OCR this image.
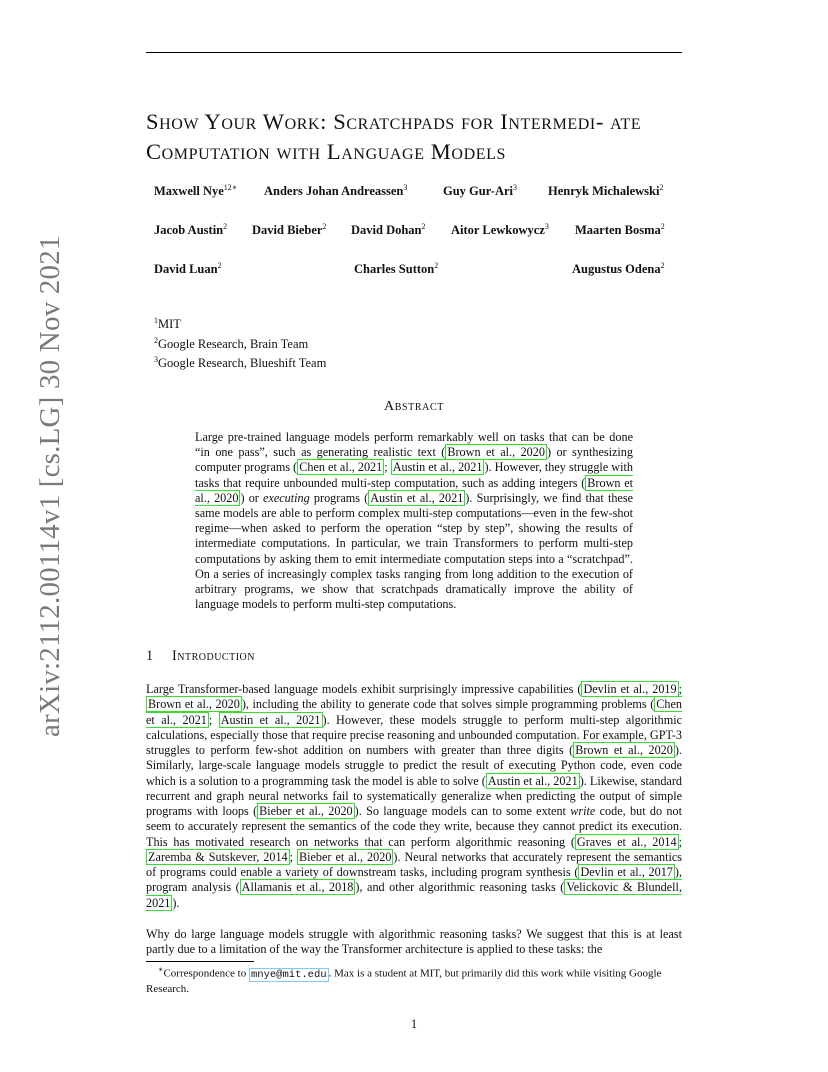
arXiv:2112.00114v1 [cs.LG] 30 Nov 2021
Show Your Work: Scratchpads for Intermedi- ate Computation with Language Models
Maxwell Nye$^{12∗}$ Anders Johan Andreassen$^3$	Guy Gur-Ari$^3$ Henryk Michalewski$^2$
Jacob Austin$^2$ David Bieber$^2$ David Dohan$^2$ Aitor Lewkowycz$^3$ Maarten Bosma$^2$
David Luan$^2$	Charles Sutton$^2$	Augustus Odena$^2$
$^1$MIT
$^2$Google Research, Brain Team
$^3$Google Research, Blueshift Team
Abstract
Large pre-trained language models perform remarkably well on tasks that can be done “in one pass”, such as generating realistic text ( Brown et al., 2020 ) or synthesizing computer programs ( Chen et al., 2021 ; Austin et al., 2021 ). However, they struggle with tasks that require unbounded multi-step computation, such as adding integers ( Brown et al., 2020 ) or executing programs ( Austin et al., 2021 ). Surprisingly, we find that these same models are able to perform complex multi-step computations—even in the few-shot regime—when asked to perform the operation “step by step”, showing the results of intermediate computations. In particular, we train Transformers to perform multi-step computations by asking them to emit intermediate computation steps into a “scratchpad”. On a series of increasingly complex tasks ranging from long addition to the execution of arbitrary programs, we show that scratchpads dramatically improve the ability of language models to perform multi-step computations.
1 Introduction
Large Transformer-based language models exhibit surprisingly impressive capabilities ( Devlin et al., 2019 ; Brown et al., 2020 ), including the ability to generate code that solves simple programming problems ( Chen et al., 2021 ; Austin et al., 2021 ). However, these models struggle to perform multi-step algorithmic calculations, especially those that require precise reasoning and unbounded computation. For example, GPT-3 struggles to perform few-shot addition on numbers with greater than three digits ( Brown et al., 2020 ). Similarly, large-scale language models struggle to predict the result of executing Python code, even code which is a solution to a programming task the model is able to solve ( Austin et al., 2021 ). Likewise, standard recurrent and graph neural networks fail to systematically generalize when predicting the output of simple programs with loops ( Bieber et al., 2020 ). So language models can to some extent write code, but do not seem to accurately represent the semantics of the code they write, because they cannot predict its execution. This has motivated research on networks that can perform algorithmic reasoning ( Graves et al., 2014 ; Zaremba & Sutskever, 2014 ; Bieber et al., 2020 ). Neural networks that accurately represent the semantics of programs could enable a variety of downstream tasks, including program synthesis ( Devlin et al., 2017 ), program analysis ( Allamanis et al., 2018 ), and other algorithmic reasoning tasks ( Velickovic & Blundell, 2021 ).
Why do large language models struggle with algorithmic reasoning tasks? We suggest that this is at least partly due to a limitation of the way the Transformer architecture is applied to these tasks: the
∗Correspondence to mnye@mit.edu . Max is a student at MIT, but primarily did this work while visiting Google Research.
1
